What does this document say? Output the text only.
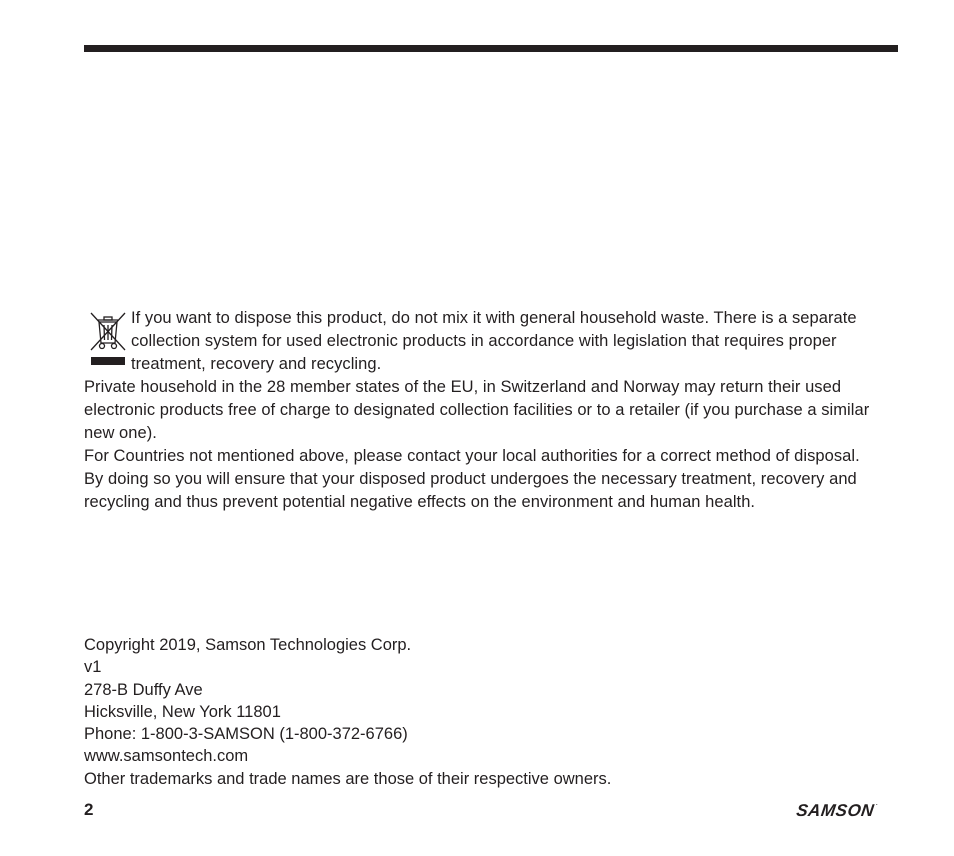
If you want to dispose this product, do not mix it with general household waste. There is a separate collection system for used electronic products in accordance with legislation that requires proper treatment, recovery and recycling.

Private household in the 28 member states of the EU, in Switzerland and Norway may return their used electronic products free of charge to designated collection facilities or to a retailer (if you purchase a similar new one).

For Countries not mentioned above, please contact your local authorities for a correct method of disposal.

By doing so you will ensure that your disposed product undergoes the necessary treatment, recovery and recycling and thus prevent potential negative effects on the environment and human health.

Copyright 2019, Samson Technologies Corp.
v1
278-B Duffy Ave
Hicksville, New York 11801
Phone: 1-800-3-SAMSON (1-800-372-6766)
www.samsontech.com
Other trademarks and trade names are those of their respective owners.
2	SAMSON.
